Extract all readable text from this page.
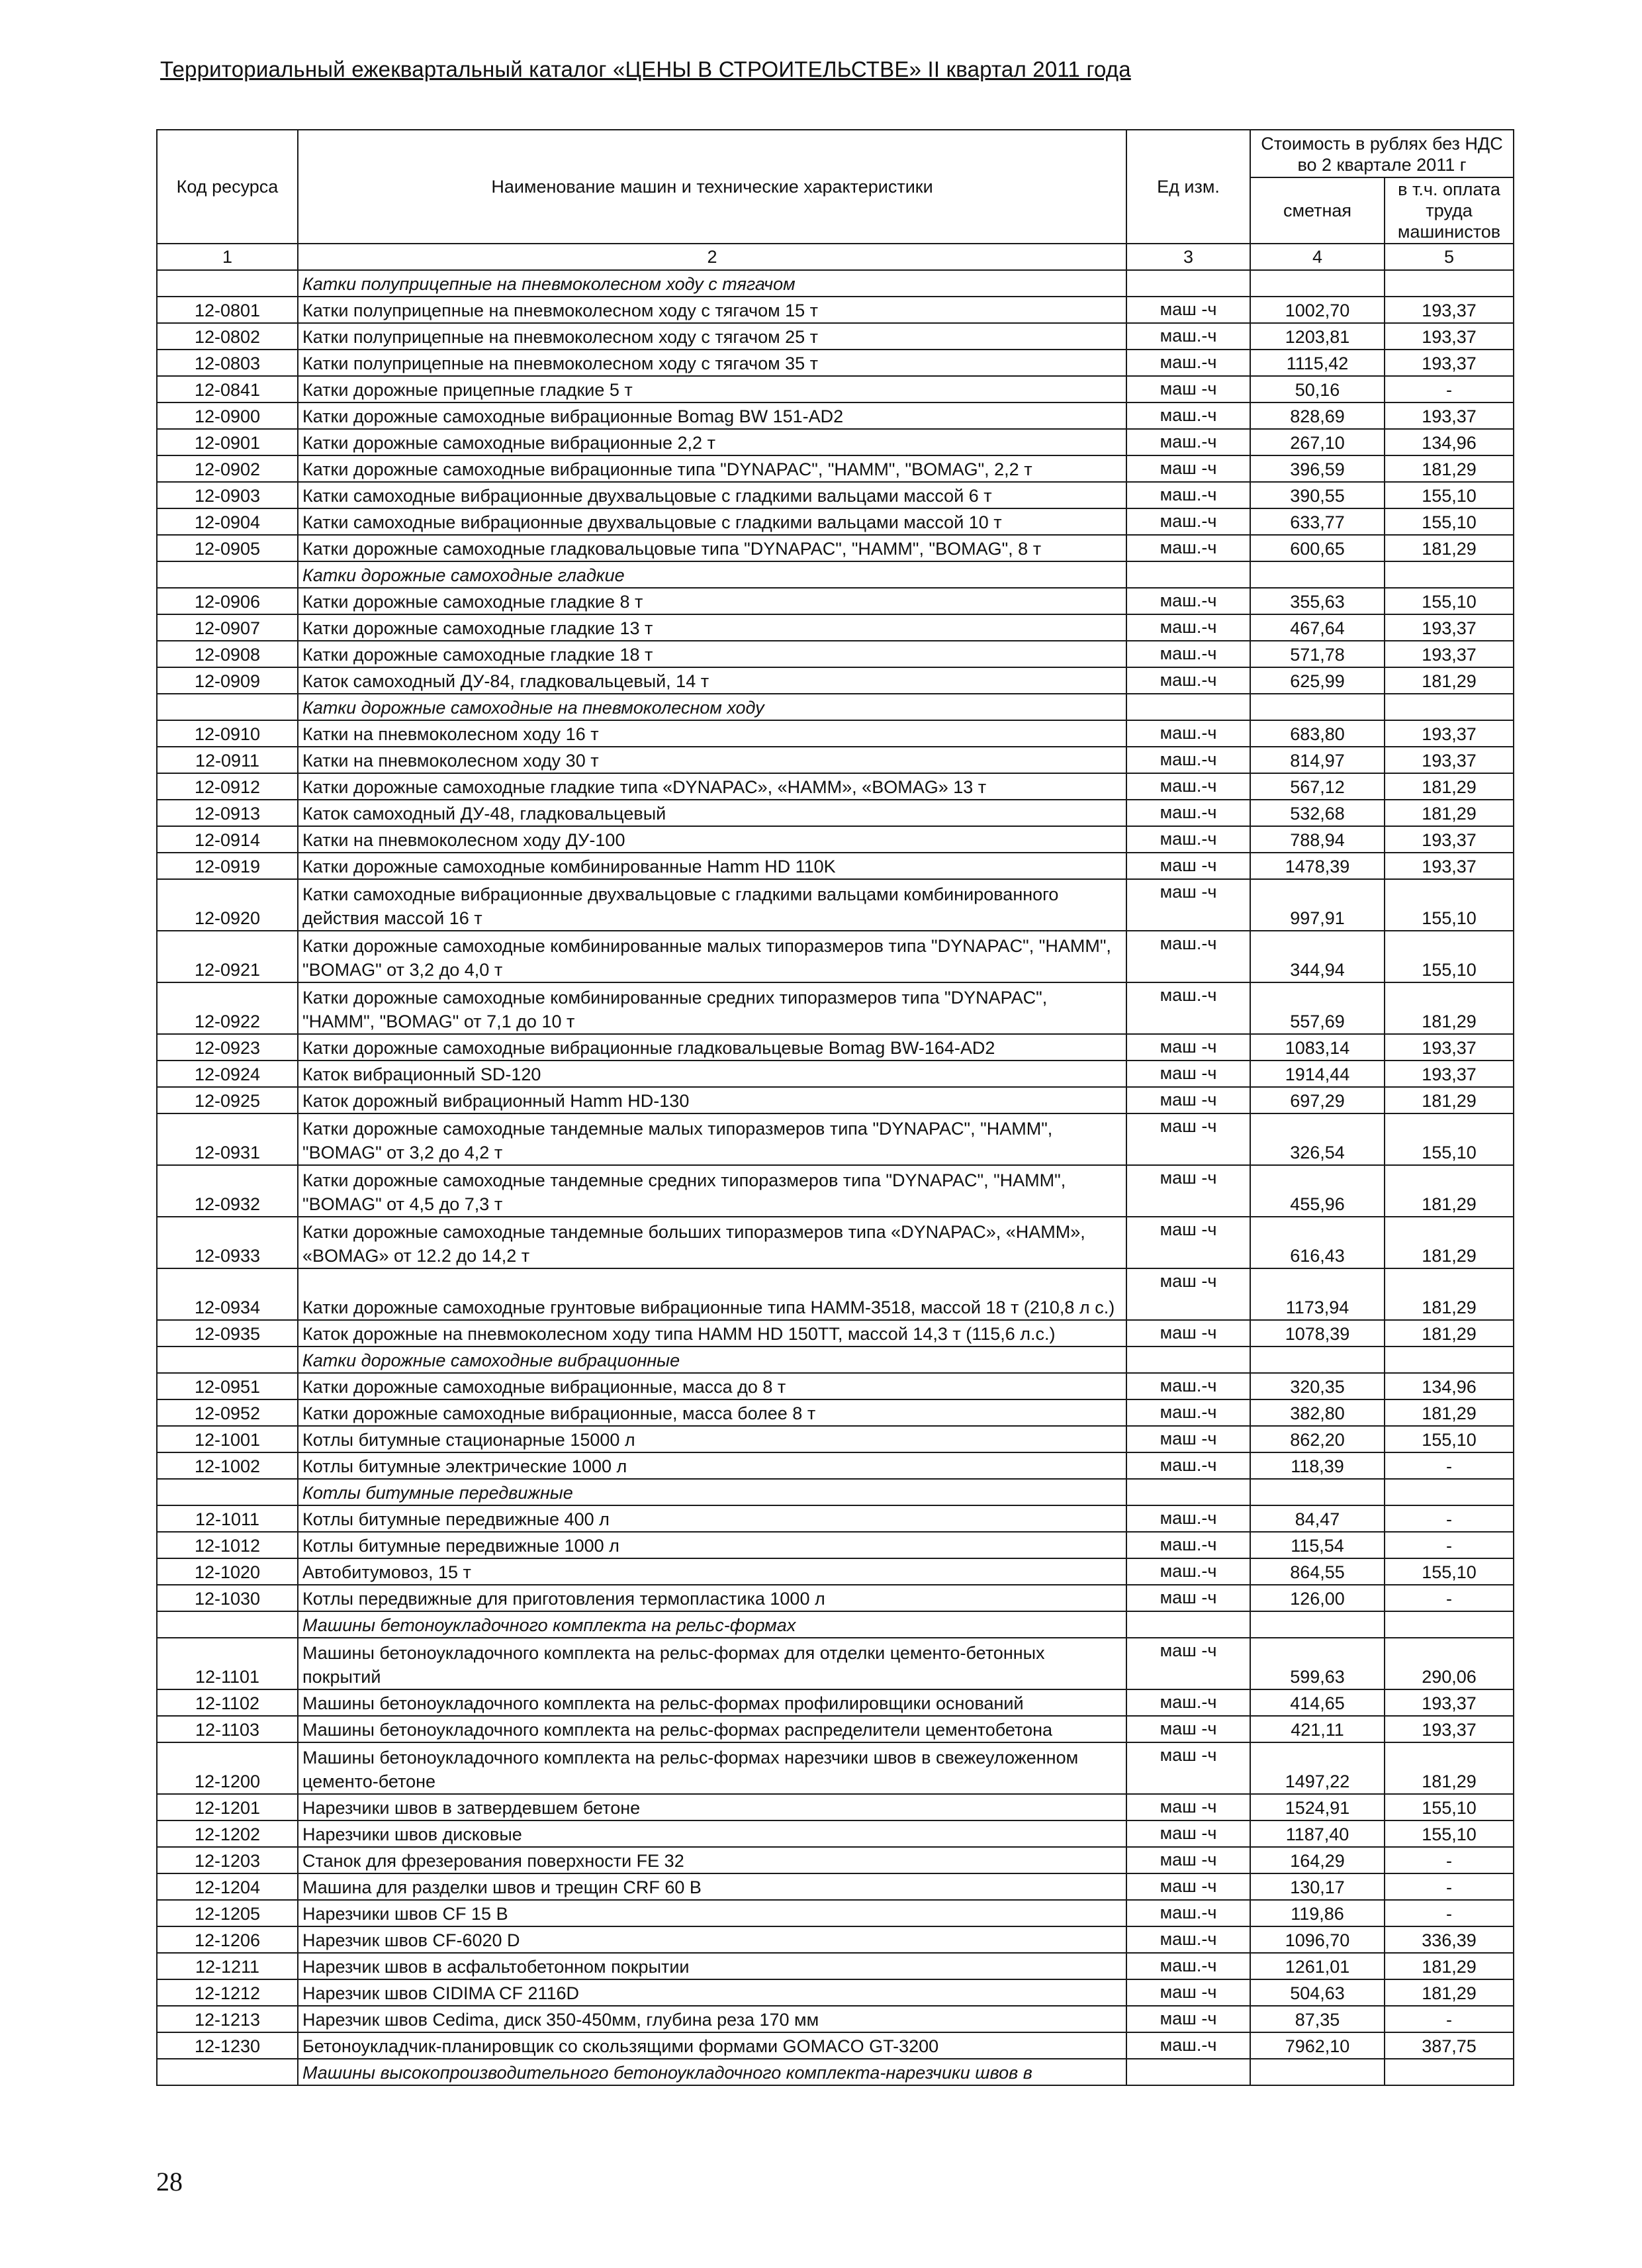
Территориальный ежеквартальный каталог «ЦЕНЫ В СТРОИТЕЛЬСТВЕ» II квартал 2011 года
Код ресурса	Наименование машин и технические характеристики	Ед изм.	Стоимость в рублях без НДС во 2 квартале 2011 г	
			сметная	в т.ч. оплата труда машинистов
1	2	3	4	5
	Катки полуприцепные на пневмоколесном ходу с тягачом			
12-0801	Катки полуприцепные на пневмоколесном ходу с тягачом 15 т	маш -ч	1002,70	193,37
12-0802	Катки полуприцепные на пневмоколесном ходу с тягачом 25 т	маш.-ч	1203,81	193,37
12-0803	Катки полуприцепные на пневмоколесном ходу с тягачом 35 т	маш.-ч	1115,42	193,37
12-0841	Катки дорожные прицепные гладкие 5 т	маш -ч	50,16	-
12-0900	Катки дорожные самоходные вибрационные Bomag BW 151-AD2	маш.-ч	828,69	193,37
12-0901	Катки дорожные самоходные вибрационные 2,2 т	маш.-ч	267,10	134,96
12-0902	Катки дорожные самоходные вибрационные типа "DYNAPAC", "HAMM", "BOMAG", 2,2 т	маш -ч	396,59	181,29
12-0903	Катки самоходные вибрационные двухвальцовые с гладкими вальцами массой 6 т	маш.-ч	390,55	155,10
12-0904	Катки самоходные вибрационные двухвальцовые с гладкими вальцами массой 10 т	маш.-ч	633,77	155,10
12-0905	Катки дорожные самоходные гладковальцовые типа "DYNAPAC", "HAMM", "BOMAG", 8 т	маш.-ч	600,65	181,29
	Катки дорожные самоходные гладкие			
12-0906	Катки дорожные самоходные гладкие 8 т	маш.-ч	355,63	155,10
12-0907	Катки дорожные самоходные гладкие 13 т	маш.-ч	467,64	193,37
12-0908	Катки дорожные самоходные гладкие 18 т	маш.-ч	571,78	193,37
12-0909	Каток самоходный ДУ-84, гладковальцевый, 14 т	маш.-ч	625,99	181,29
	Катки дорожные самоходные на пневмоколесном ходу			
12-0910	Катки на пневмоколесном ходу 16 т	маш.-ч	683,80	193,37
12-0911	Катки на пневмоколесном ходу 30 т	маш.-ч	814,97	193,37
12-0912	Катки дорожные самоходные гладкие типа «DYNAPAC», «HAMM», «BOMAG» 13 т	маш.-ч	567,12	181,29
12-0913	Каток самоходный ДУ-48, гладковальцевый	маш.-ч	532,68	181,29
12-0914	Катки на пневмоколесном ходу ДУ-100	маш.-ч	788,94	193,37
12-0919	Катки дорожные самоходные комбинированные Hamm HD 110K	маш -ч	1478,39	193,37
12-0920	Катки самоходные вибрационные двухвальцовые с гладкими вальцами комбинированного действия массой 16 т	маш -ч	997,91	155,10
12-0921	Катки дорожные самоходные комбинированные малых типоразмеров типа "DYNAPAC", "HAMM", "BOMAG" от 3,2 до 4,0 т	маш.-ч	344,94	155,10
12-0922	Катки дорожные самоходные комбинированные средних типоразмеров типа "DYNAPAC", "HAMM", "BOMAG" от 7,1 до 10 т	маш.-ч	557,69	181,29
12-0923	Катки дорожные самоходные вибрационные гладковальцевые Bomag BW-164-AD2	маш -ч	1083,14	193,37
12-0924	Каток вибрационный SD-120	маш -ч	1914,44	193,37
12-0925	Каток дорожный вибрационный Hamm HD-130	маш -ч	697,29	181,29
12-0931	Катки дорожные самоходные тандемные малых типоразмеров типа "DYNAPAC", "HAMM", "BOMAG" от 3,2 до 4,2 т	маш -ч	326,54	155,10
12-0932	Катки дорожные самоходные тандемные средних типоразмеров типа "DYNAPAC", "HAMM", "BOMAG" от 4,5 до 7,3 т	маш -ч	455,96	181,29
12-0933	Катки дорожные самоходные тандемные больших типоразмеров типа «DYNAPAC», «HAMM», «BOMAG» от 12.2 до 14,2 т	маш -ч	616,43	181,29
12-0934	Катки дорожные самоходные грунтовые вибрационные типа HAMM-3518, массой 18 т (210,8 л с.)	маш -ч	1173,94	181,29
12-0935	Каток дорожные на пневмоколесном ходу типа HAMM HD 150TT, массой 14,3 т (115,6 л.с.)	маш -ч	1078,39	181,29
	Катки дорожные самоходные вибрационные			
12-0951	Катки дорожные самоходные вибрационные, масса до 8 т	маш.-ч	320,35	134,96
12-0952	Катки дорожные самоходные вибрационные, масса более 8 т	маш.-ч	382,80	181,29
12-1001	Котлы битумные стационарные 15000 л	маш -ч	862,20	155,10
12-1002	Котлы битумные электрические 1000 л	маш.-ч	118,39	-
	Котлы битумные передвижные			
12-1011	Котлы битумные передвижные 400 л	маш.-ч	84,47	-
12-1012	Котлы битумные передвижные 1000 л	маш.-ч	115,54	-
12-1020	Автобитумовоз, 15 т	маш.-ч	864,55	155,10
12-1030	Котлы передвижные для приготовления термопластика 1000 л	маш -ч	126,00	-
	Машины бетоноукладочного комплекта на рельс-формах			
12-1101	Машины бетоноукладочного комплекта на рельс-формах для отделки цементо-бетонных покрытий	маш -ч	599,63	290,06
12-1102	Машины бетоноукладочного комплекта на рельс-формах профилировщики оснований	маш.-ч	414,65	193,37
12-1103	Машины бетоноукладочного комплекта на рельс-формах распределители цементобетона	маш -ч	421,11	193,37
12-1200	Машины бетоноукладочного комплекта на рельс-формах нарезчики швов в свежеуложенном цементо-бетоне	маш -ч	1497,22	181,29
12-1201	Нарезчики швов в затвердевшем бетоне	маш -ч	1524,91	155,10
12-1202	Нарезчики швов дисковые	маш -ч	1187,40	155,10
12-1203	Станок для фрезерования поверхности FE 32	маш -ч	164,29	-
12-1204	Машина для разделки швов и трещин CRF 60 B	маш -ч	130,17	-
12-1205	Нарезчики швов CF 15 B	маш.-ч	119,86	-
12-1206	Нарезчик швов CF-6020 D	маш.-ч	1096,70	336,39
12-1211	Нарезчик швов в асфальтобетонном покрытии	маш.-ч	1261,01	181,29
12-1212	Нарезчик швов CIDIMA CF 2116D	маш -ч	504,63	181,29
12-1213	Нарезчик швов Cedima, диск 350-450мм, глубина реза 170 мм	маш -ч	87,35	-
12-1230	Бетоноукладчик-планировщик со скользящими формами GOMACO GT-3200	маш.-ч	7962,10	387,75
	Машины высокопроизводительного бетоноукладочного комплекта-нарезчики швов в			
28
